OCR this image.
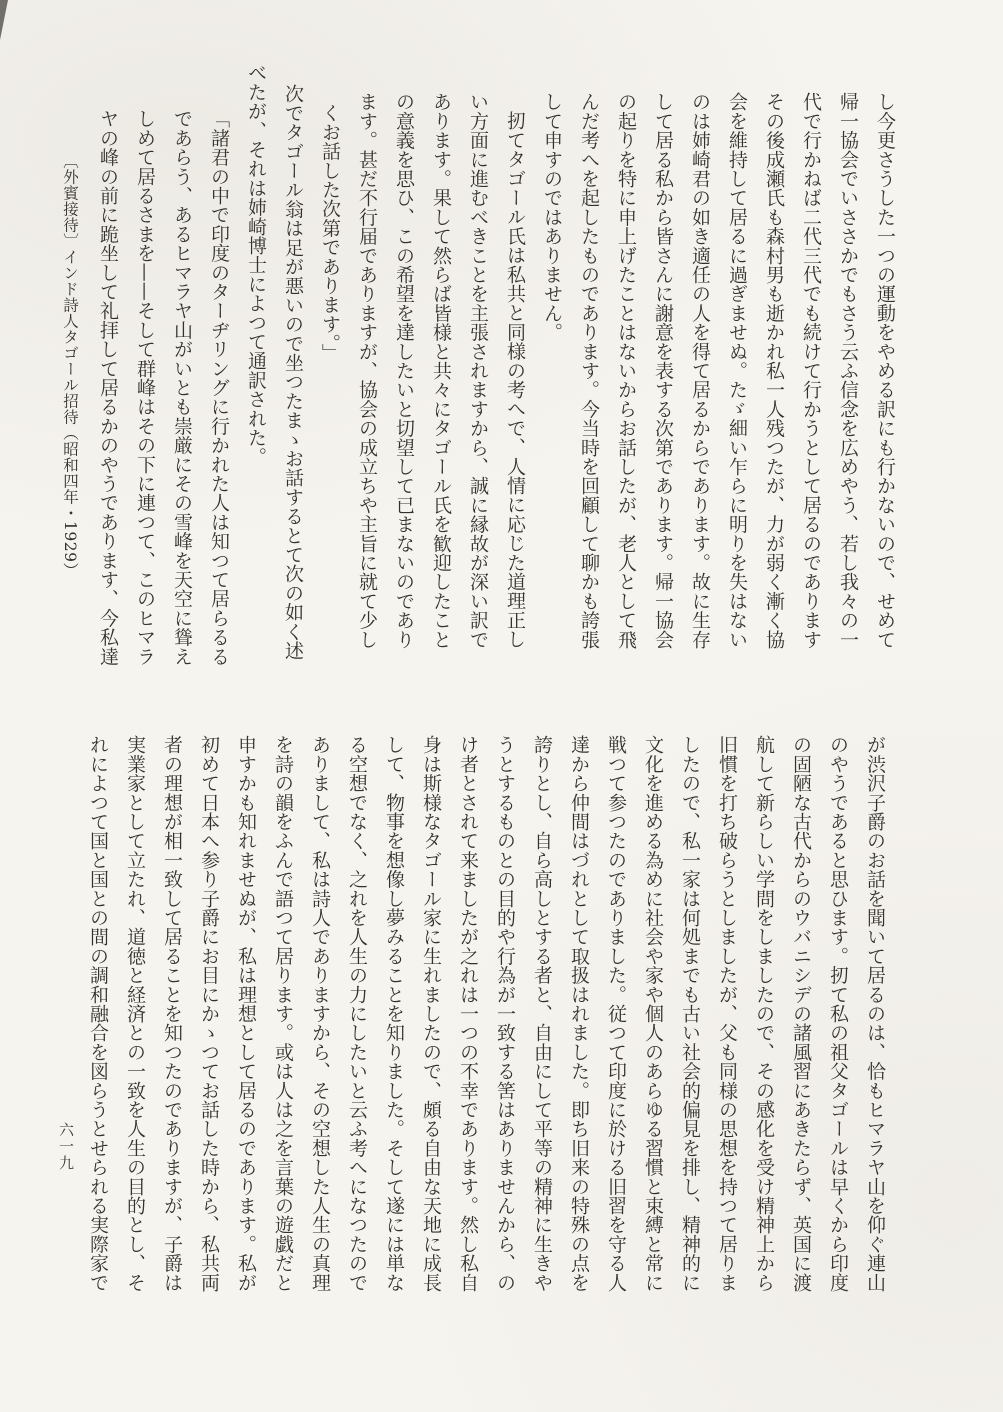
し今更さうした一つの運動をやめる訳にも行かないので、せめて
帰一協会でいささかでもさう云ふ信念を広めやう、若し我々の一
代で行かねば二代三代でも続けて行かうとして居るのであります
その後成瀬氏も森村男も逝かれ私一人残つたが、力が弱く漸く協
会を維持して居るに過ぎませぬ。たゞ細い乍らに明りを失はない
のは姉崎君の如き適任の人を得て居るからであります。故に生存
して居る私から皆さんに謝意を表する次第であります。帰一協会
の起りを特に申上げたことはないからお話したが、老人として飛
んだ考へを起したものであります。今当時を回顧して聊かも誇張
して申すのではありません。
扨てタゴール氏は私共と同様の考へで、人情に応じた道理正し
い方面に進むべきことを主張されますから、誠に縁故が深い訳で
あります。果して然らば皆様と共々にタゴール氏を歓迎したこと
の意義を思ひ、この希望を達したいと切望して已まないのであり
ます。甚だ不行届でありますが、協会の成立ちや主旨に就て少し
くお話した次第であります。」
次でタゴール翁は足が悪いので坐つたまゝお話するとて次の如く述
べたが、それは姉崎博士によつて通訳された。
「諸君の中で印度のターヂリングに行かれた人は知つて居らるる
であらう、あるヒマラヤ山がいとも崇厳にその雪峰を天空に聳え
しめて居るさまを——そして群峰はその下に連つて、このヒマラ
ヤの峰の前に跪坐して礼拝して居るかのやうであります、今私達
〔外賓接待〕インド詩人タゴール招待（昭和四年・1929）
が渋沢子爵のお話を聞いて居るのは、恰もヒマラヤ山を仰ぐ連山
のやうであると思ひます。扨て私の祖父タゴールは早くから印度
の固陋な古代からのウバニシデの諸風習にあきたらず、英国に渡
航して新らしい学問をしましたので、その感化を受け精神上から
旧慣を打ち破らうとしましたが、父も同様の思想を持つて居りま
したので、私一家は何処までも古い社会的偏見を排し、精神的に
文化を進める為めに社会や家や個人のあらゆる習慣と束縛と常に
戦つて参つたのでありました。従つて印度に於ける旧習を守る人
達から仲間はづれとして取扱はれました。即ち旧来の特殊の点を
誇りとし、自ら高しとする者と、自由にして平等の精神に生きや
うとするものとの目的や行為が一致する筈はありませんから、の
け者とされて来ましたが之れは一つの不幸であります。然し私自
身は斯様なタゴール家に生れましたので、頗る自由な天地に成長
して、物事を想像し夢みることを知りました。そして遂には単な
る空想でなく、之れを人生の力にしたいと云ふ考へになつたので
ありまして、私は詩人でありますから、その空想した人生の真理
を詩の韻をふんで語つて居ります。或は人は之を言葉の遊戯だと
申すかも知れませぬが、私は理想として居るのであります。私が
初めて日本へ参り子爵にお目にかゝつてお話した時から、私共両
者の理想が相一致して居ることを知つたのでありますが、子爵は
実業家として立たれ、道徳と経済との一致を人生の目的とし、そ
れによつて国と国との間の調和融合を図らうとせられる実際家で
六一九
